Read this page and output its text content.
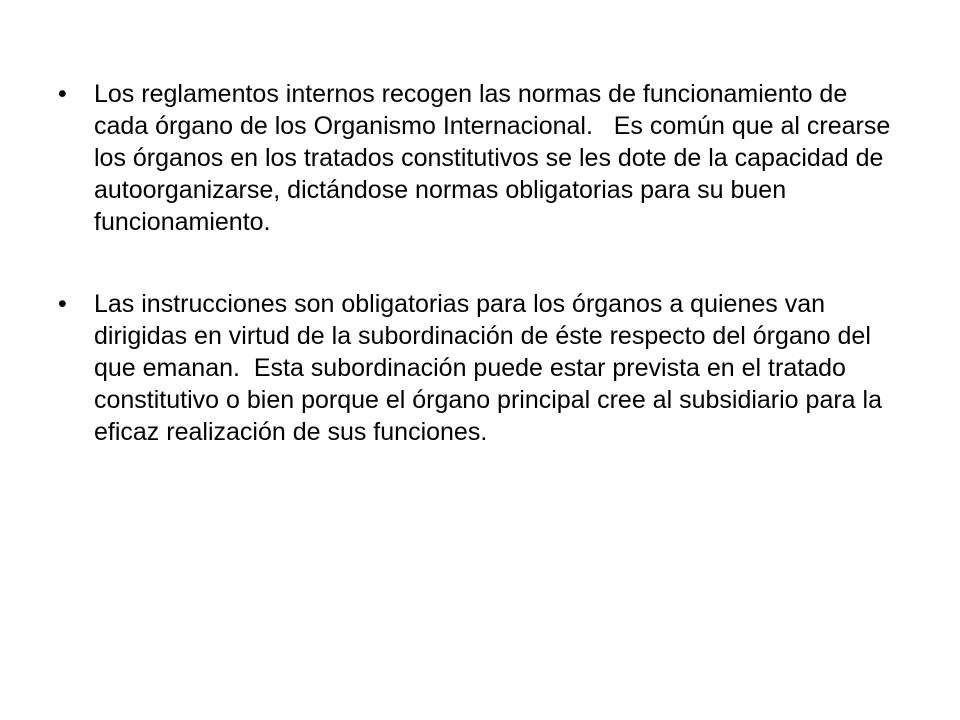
• Los reglamentos internos recogen las normas de funcionamiento de cada órgano de los Organismo Internacional.   Es común que al crearse los órganos en los tratados constitutivos se les dote de la capacidad de autoorganizarse, dictándose normas obligatorias para su buen funcionamiento.
• Las instrucciones son obligatorias para los órganos a quienes van dirigidas en virtud de la subordinación de éste respecto del órgano del que emanan.  Esta subordinación puede estar prevista en el tratado constitutivo o bien porque el órgano principal cree al subsidiario para la eficaz realización de sus funciones.
